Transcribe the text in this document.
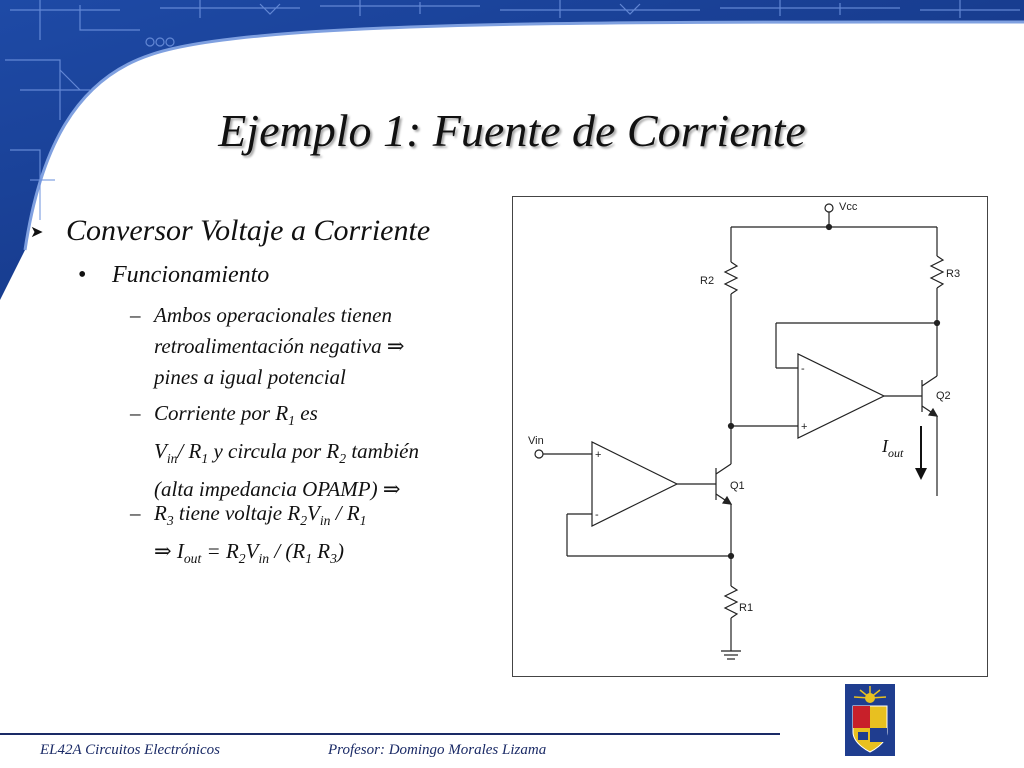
Ejemplo 1: Fuente de Corriente
➤ Conversor Voltaje a Corriente
• Funcionamiento
– Ambos operacionales tienen
retroalimentación negativa ⇒
pines a igual potencial
– Corriente por $R_1$ es
$V_{in}/$ $R_1$ y circula por $R_2$ también
(alta impedancia OPAMP) ⇒
– $R_3$ tiene voltaje $R_2V_{in} / R_1$
⇒ $I_{out} = R_2V_{in} / (R_1$ $R_3$)
Vcc
Vin
R2
R3
R1
Q1
Q2
-
+
+
-
$I_{out}$
EL42A Circuitos Electrónicos	Profesor: Domingo Morales Lizama
